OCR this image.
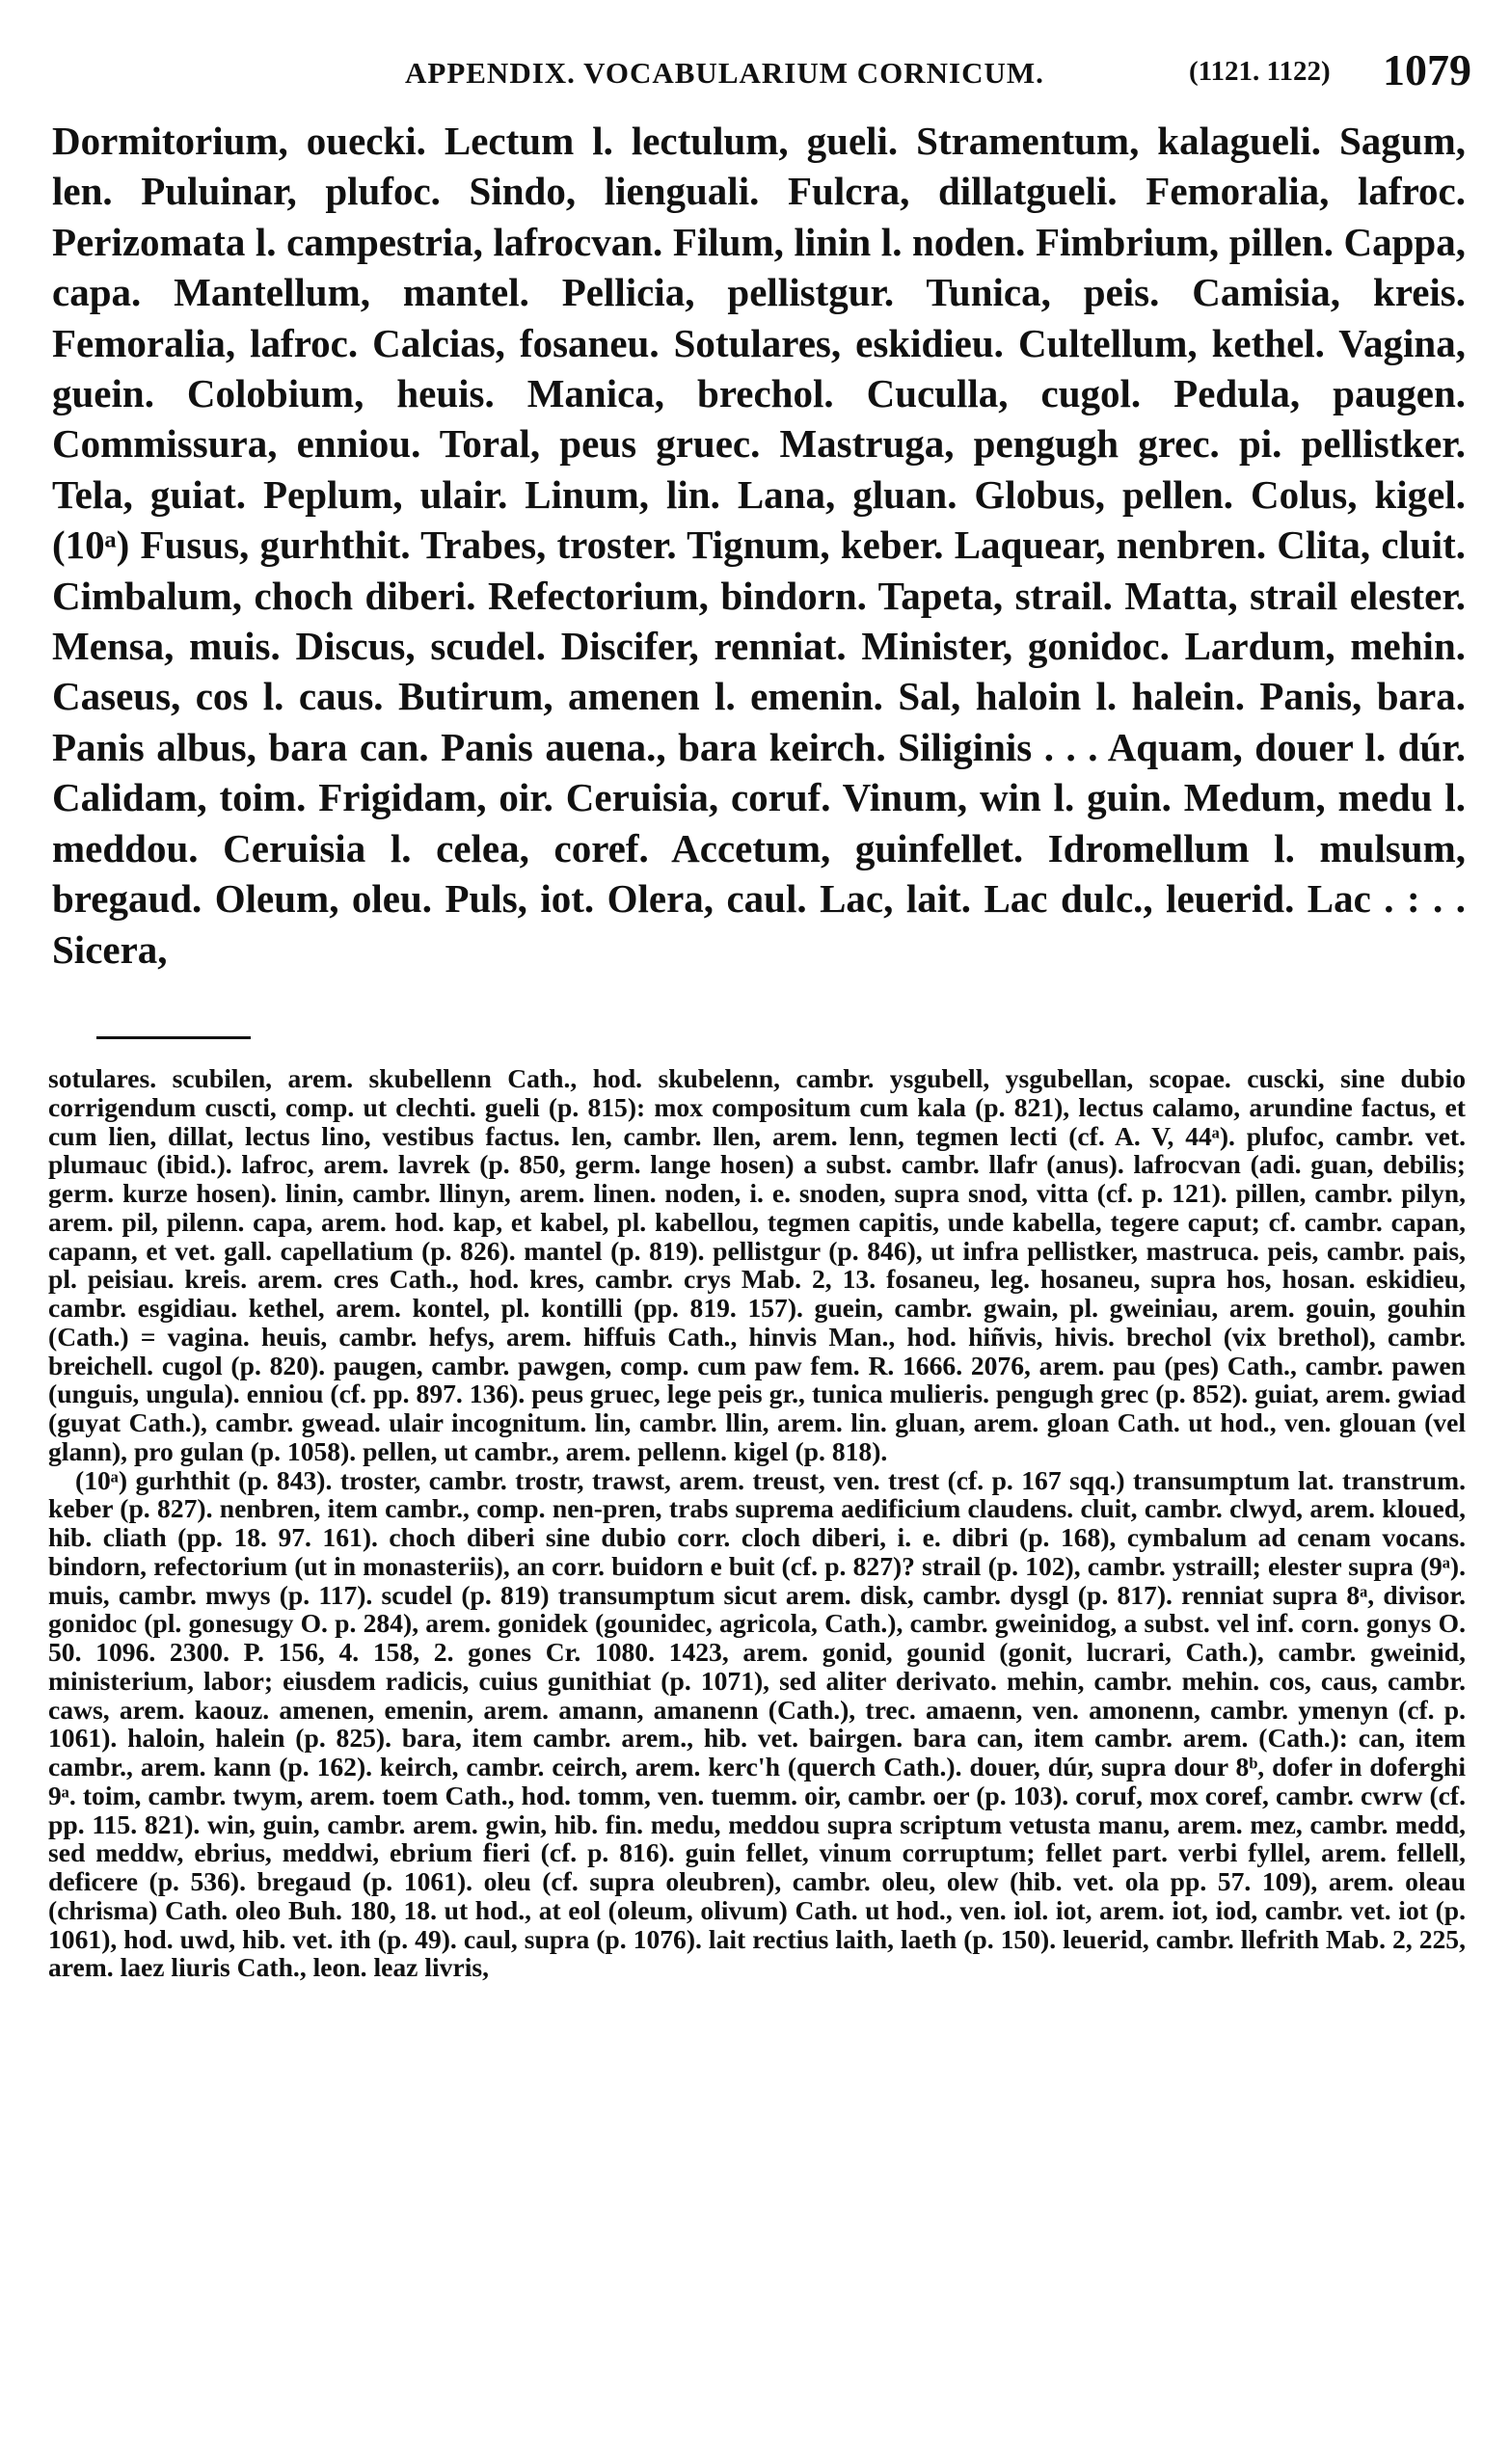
APPENDIX. VOCABULARIUM CORNICUM.	(1121. 1122) 1079
Dormitorium, ouecki. Lectum l. lectulum, gueli. Stramentum, kalagueli. Sagum, len. Puluinar, plufoc. Sindo, lienguali. Fulcra, dillatgueli. Femoralia, lafroc. Perizomata l. campestria, lafrocvan. Filum, linin l. noden. Fimbrium, pillen. Cappa, capa. Mantellum, mantel. Pellicia, pellistgur. Tunica, peis. Camisia, kreis. Femoralia, lafroc. Calcias, fosaneu. Sotulares, eskidieu. Cultellum, kethel. Vagina, guein. Colobium, heuis. Manica, brechol. Cuculla, cugol. Pedula, paugen. Commissura, enniou. Toral, peus gruec. Mastruga, pengugh grec. pi. pellistker. Tela, guiat. Peplum, ulair. Linum, lin. Lana, gluan. Globus, pellen. Colus, kigel. (10ᵃ) Fusus, gurhthit. Trabes, troster. Tignum, keber. Laquear, nenbren. Clita, cluit. Cimbalum, choch diberi. Refectorium, bindorn. Tapeta, strail. Matta, strail elester. Mensa, muis. Discus, scudel. Discifer, renniat. Minister, gonidoc. Lardum, mehin. Caseus, cos l. caus. Butirum, amenen l. emenin. Sal, haloin l. halein. Panis, bara. Panis albus, bara can. Panis auena., bara keirch. Siliginis . . . Aquam, douer l. dúr. Calidam, toim. Frigidam, oir. Ceruisia, coruf. Vinum, win l. guin. Medum, medu l. meddou. Ceruisia l. celea, coref. Accetum, guinfellet. Idromellum l. mulsum, bregaud. Oleum, oleu. Puls, iot. Olera, caul. Lac, lait. Lac dulc., leuerid. Lac . : . . Sicera,

sotulares. scubilen, arem. skubellenn Cath., hod. skubelenn, cambr. ysgubell, ysgubellan, scopae. cuscki, sine dubio corrigendum cuscti, comp. ut clechti. gueli (p. 815): mox compositum cum kala (p. 821), lectus calamo, arundine factus, et cum lien, dillat, lectus lino, vestibus factus. len, cambr. llen, arem. lenn, tegmen lecti (cf. A. V, 44ᵃ). plufoc, cambr. vet. plumauc (ibid.). lafroc, arem. lavrek (p. 850, germ. lange hosen) a subst. cambr. llafr (anus). lafrocvan (adi. guan, debilis; germ. kurze hosen). linin, cambr. llinyn, arem. linen. noden, i. e. snoden, supra snod, vitta (cf. p. 121). pillen, cambr. pilyn, arem. pil, pilenn. capa, arem. hod. kap, et kabel, pl. kabellou, tegmen capitis, unde kabella, tegere caput; cf. cambr. capan, capann, et vet. gall. capellatium (p. 826). mantel (p. 819). pellistgur (p. 846), ut infra pellistker, mastruca. peis, cambr. pais, pl. peisiau. kreis. arem. cres Cath., hod. kres, cambr. crys Mab. 2, 13. fosaneu, leg. hosaneu, supra hos, hosan. eskidieu, cambr. esgidiau. kethel, arem. kontel, pl. kontilli (pp. 819. 157). guein, cambr. gwain, pl. gweiniau, arem. gouin, gouhin (Cath.) = vagina. heuis, cambr. hefys, arem. hiffuis Cath., hinvis Man., hod. hiñvis, hivis. brechol (vix brethol), cambr. breichell. cugol (p. 820). paugen, cambr. pawgen, comp. cum paw fem. R. 1666. 2076, arem. pau (pes) Cath., cambr. pawen (unguis, ungula). enniou (cf. pp. 897. 136). peus gruec, lege peis gr., tunica mulieris. pengugh grec (p. 852). guiat, arem. gwiad (guyat Cath.), cambr. gwead. ulair incognitum. lin, cambr. llin, arem. lin. gluan, arem. gloan Cath. ut hod., ven. glouan (vel glann), pro gulan (p. 1058). pellen, ut cambr., arem. pellenn. kigel (p. 818).

(10ᵃ) gurhthit (p. 843). troster, cambr. trostr, trawst, arem. treust, ven. trest (cf. p. 167 sqq.) transumptum lat. transtrum. keber (p. 827). nenbren, item cambr., comp. nen-pren, trabs suprema aedificium claudens. cluit, cambr. clwyd, arem. kloued, hib. cliath (pp. 18. 97. 161). choch diberi sine dubio corr. cloch diberi, i. e. dibri (p. 168), cymbalum ad cenam vocans. bindorn, refectorium (ut in monasteriis), an corr. buidorn e buit (cf. p. 827)? strail (p. 102), cambr. ystraill; elester supra (9ᵃ). muis, cambr. mwys (p. 117). scudel (p. 819) transumptum sicut arem. disk, cambr. dysgl (p. 817). renniat supra 8ᵃ, divisor. gonidoc (pl. gonesugy O. p. 284), arem. gonidek (gounidec, agricola, Cath.), cambr. gweinidog, a subst. vel inf. corn. gonys O. 50. 1096. 2300. P. 156, 4. 158, 2. gones Cr. 1080. 1423, arem. gonid, gounid (gonit, lucrari, Cath.), cambr. gweinid, ministerium, labor; eiusdem radicis, cuius gunithiat (p. 1071), sed aliter derivato. mehin, cambr. mehin. cos, caus, cambr. caws, arem. kaouz. amenen, emenin, arem. amann, amanenn (Cath.), trec. amaenn, ven. amonenn, cambr. ymenyn (cf. p. 1061). haloin, halein (p. 825). bara, item cambr. arem., hib. vet. bairgen. bara can, item cambr. arem. (Cath.): can, item cambr., arem. kann (p. 162). keirch, cambr. ceirch, arem. kerc'h (querch Cath.). douer, dúr, supra dour 8ᵇ, dofer in doferghi 9ᵃ. toim, cambr. twym, arem. toem Cath., hod. tomm, ven. tuemm. oir, cambr. oer (p. 103). coruf, mox coref, cambr. cwrw (cf. pp. 115. 821). win, guin, cambr. arem. gwin, hib. fin. medu, meddou supra scriptum vetusta manu, arem. mez, cambr. medd, sed meddw, ebrius, meddwi, ebrium fieri (cf. p. 816). guin fellet, vinum corruptum; fellet part. verbi fyllel, arem. fellell, deficere (p. 536). bregaud (p. 1061). oleu (cf. supra oleubren), cambr. oleu, olew (hib. vet. ola pp. 57. 109), arem. oleau (chrisma) Cath. oleo Buh. 180, 18. ut hod., at eol (oleum, olivum) Cath. ut hod., ven. iol. iot, arem. iot, iod, cambr. vet. iot (p. 1061), hod. uwd, hib. vet. ith (p. 49). caul, supra (p. 1076). lait rectius laith, laeth (p. 150). leuerid, cambr. llefrith Mab. 2, 225, arem. laez liuris Cath., leon. leaz livris,
